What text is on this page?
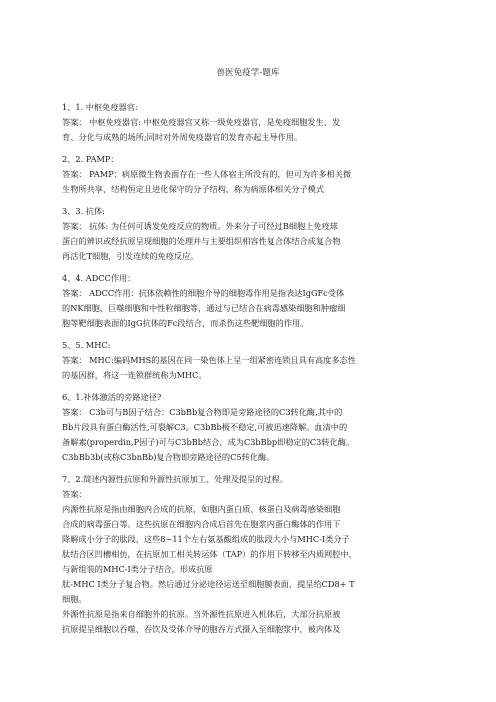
兽医免疫学-题库

1、1. 中枢免疫器官:

答案： 中枢免疫器官: 中枢免疫器官又称一级免疫器官，是免疫细胞发生、发
育、分化与成熟的场所;同时对外周免疫器官的发育亦起主导作用。

2、2. PAMP：

答案： PAMP：病原微生物表面存在一些人体宿主所没有的，但可为许多相关微
生物所共享，结构恒定且进化保守的分子结构，称为病原体相关分子模式

3、3. 抗体:

答案： 抗体: 为任何可诱发免疫反应的物质。外来分子可经过B细胞上免疫球
蛋白的辨识或经抗原呈现细胞的处理并与主要组织相容性复合体结合成复合物
再活化T细胞，引发连续的免疫反应。

4、4. ADCC作用：

答案： ADCC作用：抗体依赖性的细胞介导的细胞毒作用是指表达IgGFc受体
的NK细胞、巨噬细胞和中性粒细胞等，通过与已结合在病毒感染细胞和肿瘤细
胞等靶细胞表面的IgG抗体的Fc段结合，而杀伤这些靶细胞的作用。

5、5. MHC:

答案： MHC:编码MHS的基因在同一染色体上呈一组紧密连锁且具有高度多态性
的基因群，将这一连锁群统称为MHC。

6、1.补体激活的旁路途径?

答案： C3b可与B因子结合：C3bBb复合物即是旁路途径的C3转化酶,其中的
Bb片段具有蛋白酶活性,可裂解C3。C3bBb极不稳定,可被迅速降解。血清中的
备解素(properdin,P因子)可与C3bBb结合，成为C3bBbp即稳定的C3转化酶。
C3bBb3b(或称C3bnBb)复合物即旁路途径的C5转化酶。

7、2.简述内源性抗原和外源性抗原加工、处理及提呈的过程。

答案：
内源性抗原是指由细胞内合成的抗原，如胞内蛋白质、核蛋白及病毒感染细胞
合成的病毒蛋白等。这些抗原在细胞内合成后首先在胞浆内蛋白酶体的作用下
降解成小分子的肽段，这些8~11个左右氨基酸组成的肽段大小与MHC-I类分子
肽结合区凹槽相仿，在抗原加工相关转运体（TAP）的作用下转移至内质网腔中，
与新组装的MHC-I类分子结合，形成抗原
肽-MHC I类分子复合物。然后通过分泌途径运送至细胞膜表面，提呈给CD8+ T
细胞。
外源性抗原是指来自细胞外的抗原。当外源性抗原进入机体后，大部分抗原被
抗原提呈细胞以吞噬、吞饮及受体介导的胞吞方式摄入至细胞浆中，被内体及
